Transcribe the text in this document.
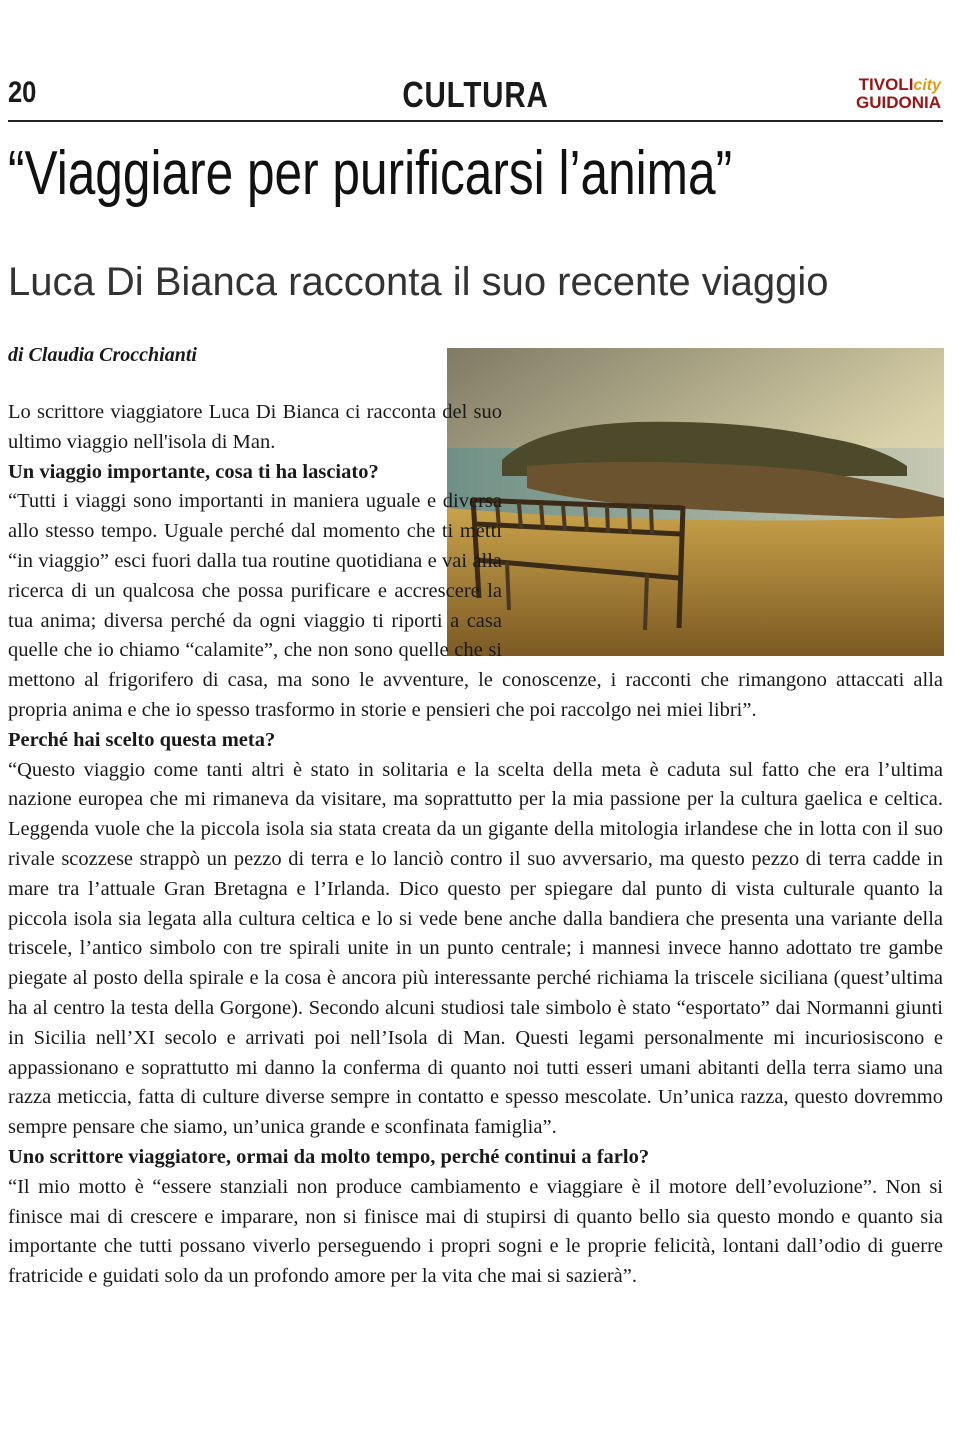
20	CULTURA	TIVOLIcity
GUIDONIA
“Viaggiare per purificarsi l’anima”
Luca Di Bianca racconta il suo recente viaggio
di Claudia Crocchianti

Lo scrittore viaggiatore Luca Di Bianca ci racconta del suo ultimo viaggio nell'isola di Man.

Un viaggio importante, cosa ti ha lasciato?

“Tutti i viaggi sono importanti in maniera uguale e diversa allo stesso tempo. Uguale perché dal momento che ti metti “in viaggio” esci fuori dalla tua routine quotidiana e vai alla ricerca di un qualcosa che possa purificare e accrescere la tua anima; diversa perché da ogni viaggio ti riporti a casa quelle che io chiamo “calamite”, che non sono quelle che si mettono al frigorifero di casa, ma sono le avventure, le conoscenze, i racconti che rimangono attaccati alla propria anima e che io spesso trasformo in storie e pensieri che poi raccolgo nei miei libri”.

Perché hai scelto questa meta?

“Questo viaggio come tanti altri è stato in solitaria e la scelta della meta è caduta sul fatto che era l’ultima nazione europea che mi rimaneva da visitare, ma soprattutto per la mia passione per la cultura gaelica e celtica. Leggenda vuole che la piccola isola sia stata creata da un gigante della mitologia irlandese che in lotta con il suo rivale scozzese strappò un pezzo di terra e lo lanciò contro il suo avversario, ma questo pezzo di terra cadde in mare tra l’attuale Gran Bretagna e l’Irlanda. Dico questo per spiegare dal punto di vista culturale quanto la piccola isola sia legata alla cultura celtica e lo si vede bene anche dalla bandiera che presenta una variante della triscele, l’antico simbolo con tre spirali unite in un punto centrale; i mannesi invece hanno adottato tre gambe piegate al posto della spirale e la cosa è ancora più interessante perché richiama la triscele siciliana (quest’ultima ha al centro la testa della Gorgone). Secondo alcuni studiosi tale simbolo è stato “esportato” dai Normanni giunti in Sicilia nell’XI secolo e arrivati poi nell’Isola di Man. Questi legami personalmente mi incuriosiscono e appassionano e soprattutto mi danno la conferma di quanto noi tutti esseri umani abitanti della terra siamo una razza meticcia, fatta di culture diverse sempre in contatto e spesso mescolate. Un’unica razza, questo dovremmo sempre pensare che siamo, un’unica grande e sconfinata famiglia”.

Uno scrittore viaggiatore, ormai da molto tempo, perché continui a farlo?

“Il mio motto è “essere stanziali non produce cambiamento e viaggiare è il motore dell’evoluzione”. Non si finisce mai di crescere e imparare, non si finisce mai di stupirsi di quanto bello sia questo mondo e quanto sia importante che tutti possano viverlo perseguendo i propri sogni e le proprie felicità, lontani dall’odio di guerre fratricide e guidati solo da un profondo amore per la vita che mai si sazierà”.
